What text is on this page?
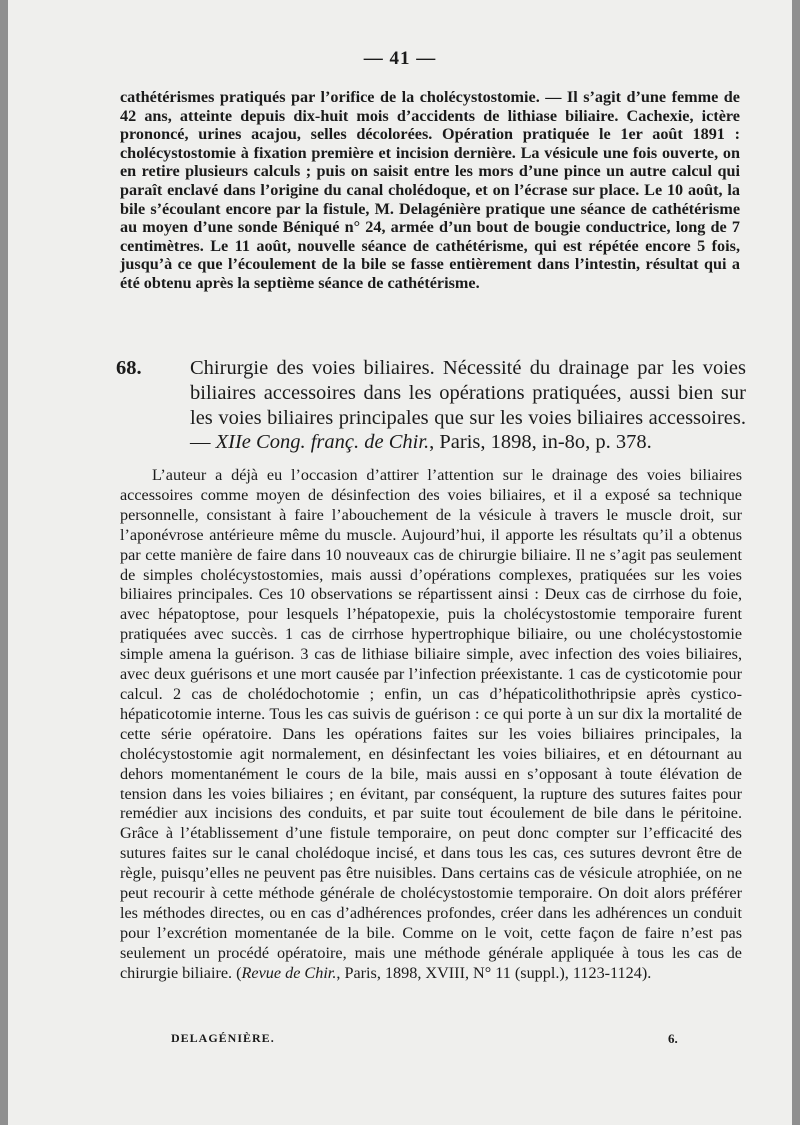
— 41 —

cathétérismes pratiqués par l’orifice de la cholécystostomie. — Il s’agit d’une femme de 42 ans, atteinte depuis dix-huit mois d’accidents de lithiase biliaire. Cachexie, ictère prononcé, urines acajou, selles décolorées. Opération pratiquée le 1er août 1891 : cholécystostomie à fixation première et incision dernière. La vésicule une fois ouverte, on en retire plusieurs calculs ; puis on saisit entre les mors d’une pince un autre calcul qui paraît enclavé dans l’origine du canal cholédoque, et on l’écrase sur place. Le 10 août, la bile s’écoulant encore par la fistule, M. Delagénière pratique une séance de cathétérisme au moyen d’une sonde Béniqué n° 24, armée d’un bout de bougie conductrice, long de 7 centimètres. Le 11 août, nouvelle séance de cathétérisme, qui est répétée encore 5 fois, jusqu’à ce que l’écoulement de la bile se fasse entièrement dans l’intestin, résultat qui a été obtenu après la septième séance de cathétérisme.

68. Chirurgie des voies biliaires. Nécessité du drainage par les voies biliaires accessoires dans les opérations pratiquées, aussi bien sur les voies biliaires principales que sur les voies biliaires accessoires. — XIIe Cong. franç. de Chir., Paris, 1898, in-8o, p. 378.

L’auteur a déjà eu l’occasion d’attirer l’attention sur le drainage des voies biliaires accessoires comme moyen de désinfection des voies biliaires, et il a exposé sa technique personnelle, consistant à faire l’abouchement de la vésicule à travers le muscle droit, sur l’aponévrose antérieure même du muscle. Aujourd’hui, il apporte les résultats qu’il a obtenus par cette manière de faire dans 10 nouveaux cas de chirurgie biliaire. Il ne s’agit pas seulement de simples cholécystostomies, mais aussi d’opérations complexes, pratiquées sur les voies biliaires principales. Ces 10 observations se répartissent ainsi : Deux cas de cirrhose du foie, avec hépatoptose, pour lesquels l’hépatopexie, puis la cholécystostomie temporaire furent pratiquées avec succès. 1 cas de cirrhose hypertrophique biliaire, ou une cholécystostomie simple amena la guérison. 3 cas de lithiase biliaire simple, avec infection des voies biliaires, avec deux guérisons et une mort causée par l’infection préexistante. 1 cas de cysticotomie pour calcul. 2 cas de cholédochotomie ; enfin, un cas d’hépaticolithothripsie après cystico-hépaticotomie interne. Tous les cas suivis de guérison : ce qui porte à un sur dix la mortalité de cette série opératoire. Dans les opérations faites sur les voies biliaires principales, la cholécystostomie agit normalement, en désinfectant les voies biliaires, et en détournant au dehors momentanément le cours de la bile, mais aussi en s’opposant à toute élévation de tension dans les voies biliaires ; en évitant, par conséquent, la rupture des sutures faites pour remédier aux incisions des conduits, et par suite tout écoulement de bile dans le péritoine. Grâce à l’établissement d’une fistule temporaire, on peut donc compter sur l’efficacité des sutures faites sur le canal cholédoque incisé, et dans tous les cas, ces sutures devront être de règle, puisqu’elles ne peuvent pas être nuisibles. Dans certains cas de vésicule atrophiée, on ne peut recourir à cette méthode générale de cholécystostomie temporaire. On doit alors préférer les méthodes directes, ou en cas d’adhérences profondes, créer dans les adhérences un conduit pour l’excrétion momentanée de la bile. Comme on le voit, cette façon de faire n’est pas seulement un procédé opératoire, mais une méthode générale appliquée à tous les cas de chirurgie biliaire. (Revue de Chir., Paris, 1898, XVIII, N° 11 (suppl.), 1123-1124).

DELAGÉNIÈRE.	6.
